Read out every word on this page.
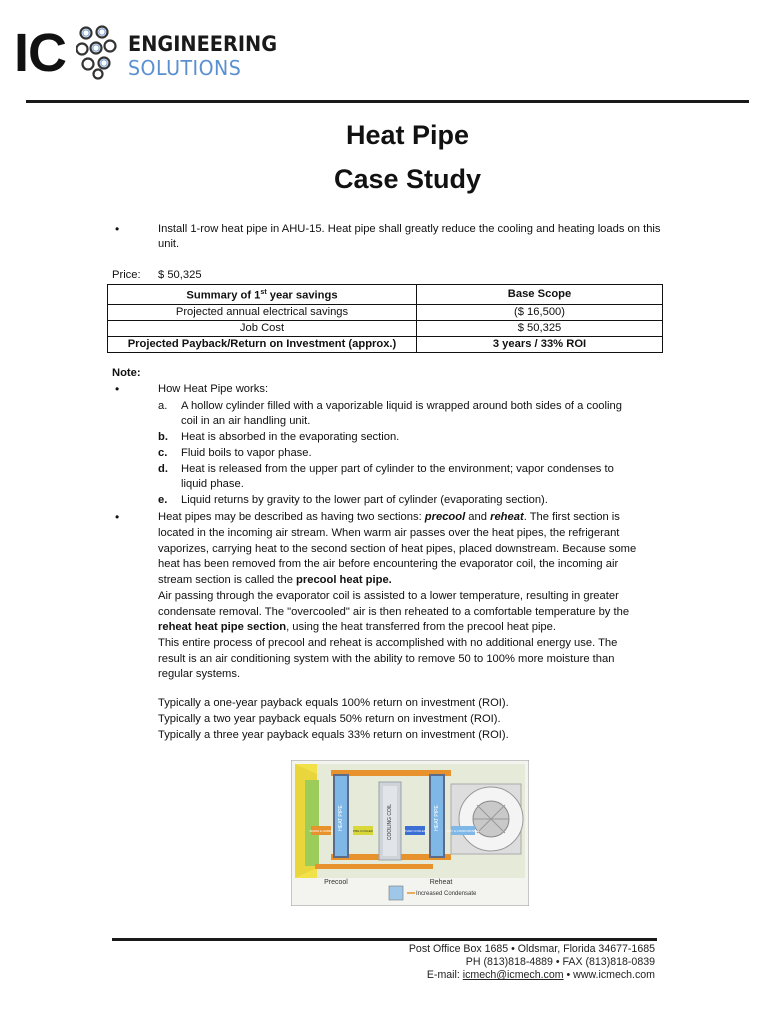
IC	ENGINEERING
SOLUTIONS
Heat Pipe
Case Study
•	Install 1-row heat pipe in AHU-15. Heat pipe shall greatly reduce the cooling and heating loads on this
unit.
Price: $ 50,325
Summary of 1st year savings	Base Scope
Projected annual electrical savings	($ 16,500)
Job Cost	$ 50,325
Projected Payback/Return on Investment (approx.)	3 years / 33% ROI
Note:
•	How Heat Pipe works:
a. A hollow cylinder filled with a vaporizable liquid is wrapped around both sides of a cooling
coil in an air handling unit.
b. Heat is absorbed in the evaporating section.
c. Fluid boils to vapor phase.
d. Heat is released from the upper part of cylinder to the environment; vapor condenses to
liquid phase.
e. Liquid returns by gravity to the lower part of cylinder (evaporating section).
•	Heat pipes may be described as having two sections: precool and reheat. The first section is
located in the incoming air stream. When warm air passes over the heat pipes, the refrigerant
vaporizes, carrying heat to the second section of heat pipes, placed downstream. Because some
heat has been removed from the air before encountering the evaporator coil, the incoming air
stream section is called the precool heat pipe.
Air passing through the evaporator coil is assisted to a lower temperature, resulting in greater
condensate removal. The "overcooled" air is then reheated to a comfortable temperature by the
reheat heat pipe section, using the heat transferred from the precool heat pipe.
This entire process of precool and reheat is accomplished with no additional energy use. The
result is an air conditioning system with the ability to remove 50 to 100% more moisture than
regular systems.
Typically a one-year payback equals 100% return on investment (ROI).
Typically a two year payback equals 50% return on investment (ROI).
Typically a three year payback equals 33% return on investment (ROI).
HEAT PIPE	COOLING COIL	HEAT PIPE
WARM & HUMID	PRE COOLED	OVER COOLED	DRY & COMFORTABLE
Precool	Reheat
Increased Condensate
Post Office Box 1685 • Oldsmar, Florida 34677-1685
PH (813)818-4889 • FAX (813)818-0839
E-mail: icmech@icmech.com • www.icmech.com
